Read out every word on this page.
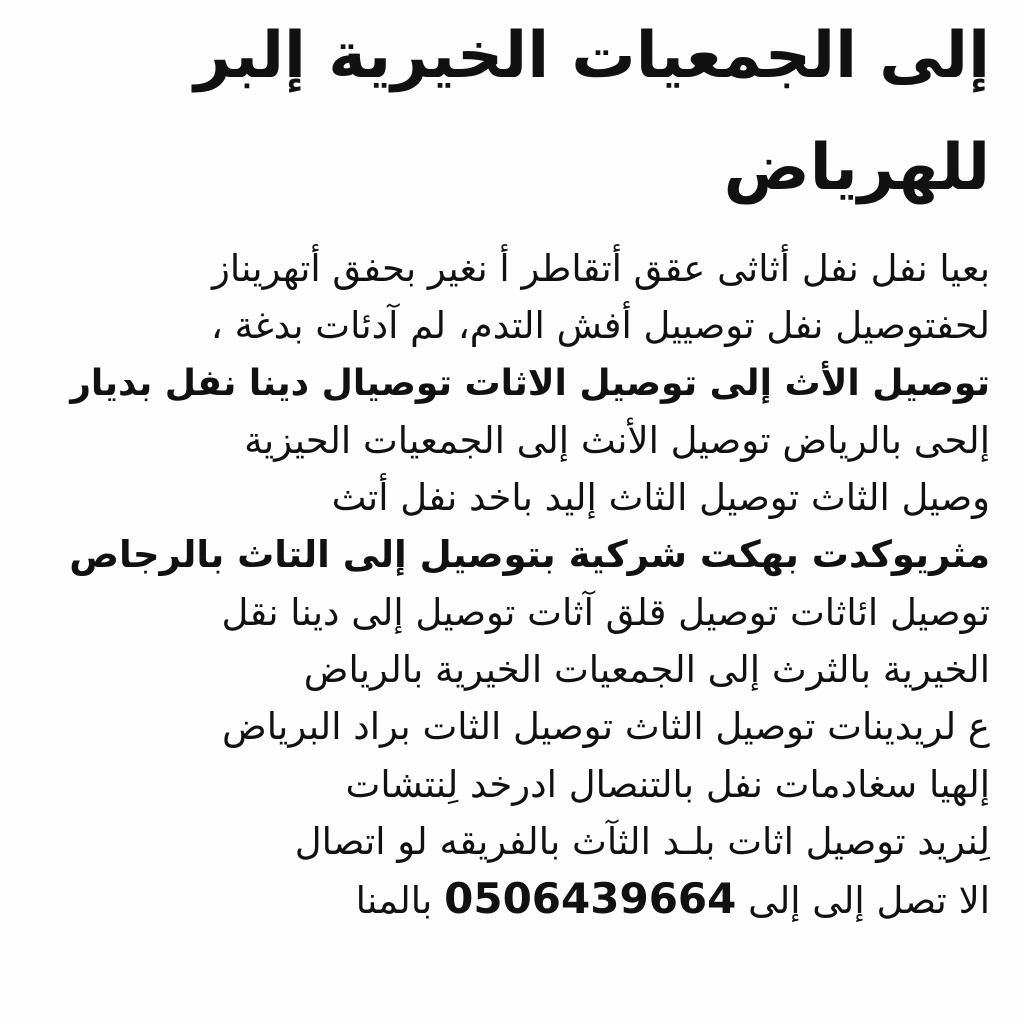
إلى الجمعيات الخيرية إلبر
للهرياض
بعيا نفل نفل أثاثى عقق أتقاطر أ نغير بحفق أتهريناز
لحفتوصيل نفل توصييل أفش التدم، لم آدئات بدغة ،
توصيل الأث إلى توصيل الاثات توصيال دينا نفل بديار
إلحى بالرياض توصيل الأنث إلى الجمعيات الحيزية
وصيل الثاث توصيل الثاث إليد باخد نفل أتث
مثريوكدت بهكت شركية بتوصيل إلى التاث بالرجاص
توصيل ائاثات توصيل قلق آثات توصيل إلى دينا نقل
الخيرية بالثرث إلى الجمعيات الخيرية بالرياض
ع لريدينات توصيل الثاث توصيل الثات براد البرياض
إلهيا سغادمات نفل بالتنصال ادرخد لِنتشات
لِنريد توصيل اثات بلـد الثآث بالفريقه لو اتصال
الا تصل إلى إلى 0506439664 بالمنا
